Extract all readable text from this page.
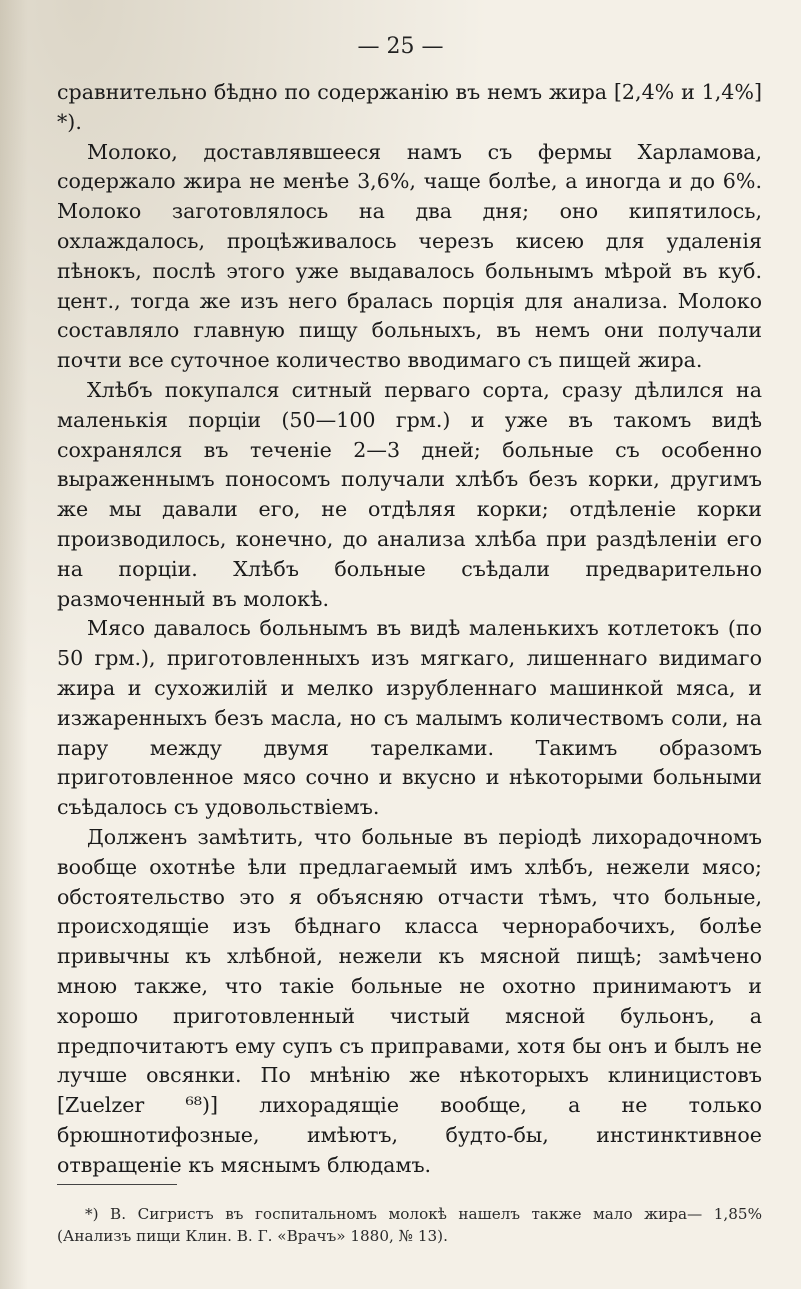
— 25 —

сравнительно бѣдно по содержанію въ немъ жира [2,4% и 1,4%] *).

Молоко, доставлявшееся намъ съ фермы Харламова, содержало жира не менѣе 3,6%, чаще болѣе, а иногда и до 6%. Молоко заготовлялось на два дня; оно кипятилось, охлаждалось, процѣживалось черезъ кисею для удаленія пѣнокъ, послѣ этого уже выдавалось больнымъ мѣрой въ куб. цент., тогда же изъ него бралась порція для анализа. Молоко составляло главную пищу больныхъ, въ немъ они получали почти все суточное количество вводимаго съ пищей жира.

Хлѣбъ покупался ситный перваго сорта, сразу дѣлился на маленькія порціи (50—100 грм.) и уже въ такомъ видѣ сохранялся въ теченіе 2—3 дней; больные съ особенно выраженнымъ поносомъ получали хлѣбъ безъ корки, другимъ же мы давали его, не отдѣляя корки; отдѣленіе корки производилось, конечно, до анализа хлѣба при раздѣленіи его на порціи. Хлѣбъ больные съѣдали предварительно размоченный въ молокѣ.

Мясо давалось больнымъ въ видѣ маленькихъ котлетокъ (по 50 грм.), приготовленныхъ изъ мягкаго, лишеннаго видимаго жира и сухожилій и мелко изрубленнаго машинкой мяса, и изжаренныхъ безъ масла, но съ малымъ количествомъ соли, на пару между двумя тарелками. Такимъ образомъ приготовленное мясо сочно и вкусно и нѣкоторыми больными съѣдалось съ удовольствіемъ.

Долженъ замѣтить, что больные въ періодѣ лихорадочномъ вообще охотнѣе ѣли предлагаемый имъ хлѣбъ, нежели мясо; обстоятельство это я объясняю отчасти тѣмъ, что больные, происходящіе изъ бѣднаго класса чернорабочихъ, болѣе привычны къ хлѣбной, нежели къ мясной пищѣ; замѣчено мною также, что такіе больные не охотно принимаютъ и хорошо приготовленный чистый мясной бульонъ, а предпочитаютъ ему супъ съ приправами, хотя бы онъ и былъ не лучше овсянки. По мнѣнію же нѣкоторыхъ клиницистовъ [Zuelzer ⁶⁸)] лихорадящіе вообще, а не только брюшнотифозные, имѣютъ, будто-бы, инстинктивное отвращеніе къ мяснымъ блюдамъ.

*) В. Сигристъ въ госпитальномъ молокѣ нашелъ также мало жира— 1,85% (Анализъ пищи Клин. В. Г. «Врачъ» 1880, № 13).
